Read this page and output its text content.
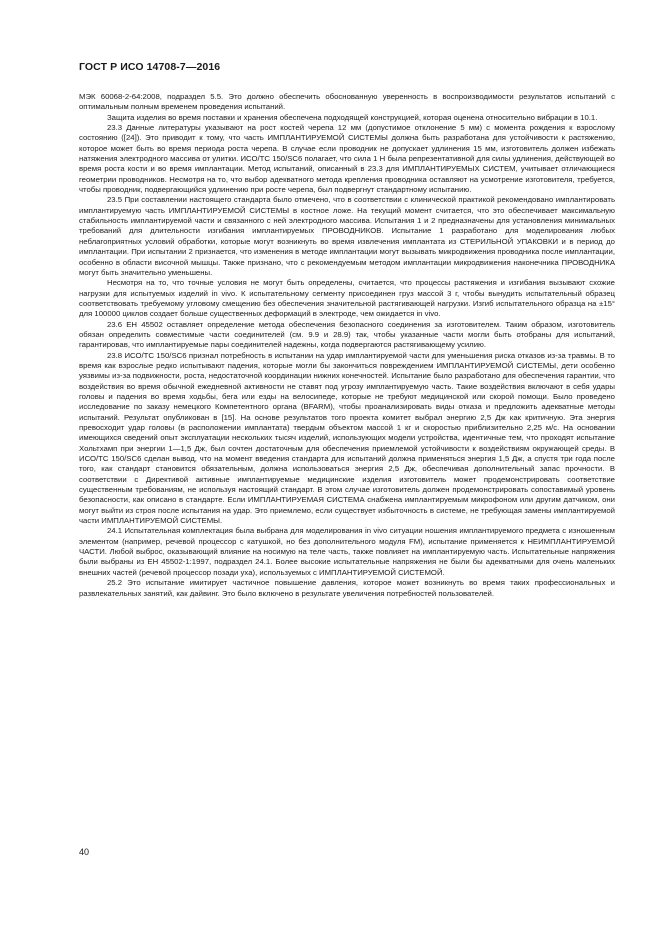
ГОСТ Р ИСО 14708-7—2016

МЭК 60068-2-64:2008, подраздел 5.5. Это должно обеспечить обоснованную уверенность в воспроизводимости результатов испытаний с оптимальным полным временем проведения испытаний.

Защита изделия во время поставки и хранения обеспечена подходящей конструкцией, которая оценена относительно вибрации в 10.1.

23.3 Данные литературы указывают на рост костей черепа 12 мм (допустимое отклонение 5 мм) с момента рождения к взрослому состоянию ([24]). Это приводит к тому, что часть ИМПЛАНТИРУЕМОЙ СИСТЕМЫ должна быть разработана для устойчивости к растяжению, которое может быть во время периода роста черепа. В случае если проводник не допускает удлинения 15 мм, изготовитель должен избежать натяжения электродного массива от улитки. ИСО/ТС 150/SC6 полагает, что сила 1 Н была репрезентативной для силы удлинения, действующей во время роста кости и во время имплантации. Метод испытаний, описанный в 23.3 для ИМПЛАНТИРУЕМЫХ СИСТЕМ, учитывает отличающиеся геометрии проводников. Несмотря на то, что выбор адекватного метода крепления проводника оставляют на усмотрение изготовителя, требуется, чтобы проводник, подвергающийся удлинению при росте черепа, был подвергнут стандартному испытанию.

23.5 При составлении настоящего стандарта было отмечено, что в соответствии с клинической практикой рекомендовано имплантировать имплантируемую часть ИМПЛАНТИРУЕМОЙ СИСТЕМЫ в костное ложе. На текущий момент считается, что это обеспечивает максимальную стабильность имплантируемой части и связанного с ней электродного массива. Испытания 1 и 2 предназначены для установления минимальных требований для длительности изгибания имплантируемых ПРОВОДНИКОВ. Испытание 1 разработано для моделирования любых неблагоприятных условий обработки, которые могут возникнуть во время извлечения имплантата из СТЕРИЛЬНОЙ УПАКОВКИ и в период до имплантации. При испытании 2 признается, что изменения в методе имплантации могут вызывать микродвижения проводника после имплантации, особенно в области височной мышцы. Также признано, что с рекомендуемым методом имплантации микродвижения наконечника ПРОВОДНИКА могут быть значительно уменьшены.

Несмотря на то, что точные условия не могут быть определены, считается, что процессы растяжения и изгибания вызывают схожие нагрузки для испытуемых изделий in vivo. К испытательному сегменту присоединен груз массой 3 г, чтобы вынудить испытательный образец соответствовать требуемому угловому смещению без обеспечения значительной растягивающей нагрузки. Изгиб испытательного образца на ±15° для 100000 циклов создает больше существенных деформаций в электроде, чем ожидается in vivo.

23.6 ЕН 45502 оставляет определение метода обеспечения безопасного соединения за изготовителем. Таким образом, изготовитель обязан определить совместимые части соединителей (см. 9.9 и 28.9) так, чтобы указанные части могли быть отобраны для испытаний, гарантировав, что имплантируемые пары соединителей надежны, когда подвергаются растягивающему усилию.

23.8 ИСО/ТС 150/SC6 признал потребность в испытании на удар имплантируемой части для уменьшения риска отказов из-за травмы. В то время как взрослые редко испытывают падения, которые могли бы закончиться повреждением ИМПЛАНТИРУЕМОЙ СИСТЕМЫ, дети особенно уязвимы из-за подвижности, роста, недостаточной координации нижних конечностей. Испытание было разработано для обеспечения гарантии, что воздействия во время обычной ежедневной активности не ставят под угрозу имплантируемую часть. Такие воздействия включают в себя удары головы и падения во время ходьбы, бега или езды на велосипеде, которые не требуют медицинской или скорой помощи. Было проведено исследование по заказу немецкого Компетентного органа (BFARM), чтобы проанализировать виды отказа и предложить адекватные методы испытаний. Результат опубликован в [15]. На основе результатов того проекта комитет выбрал энергию 2,5 Дж как критичную. Эта энергия превосходит удар головы (в расположении имплантата) твердым объектом массой 1 кг и скоростью приблизительно 2,25 м/с. На основании имеющихся сведений опыт эксплуатации нескольких тысяч изделий, использующих модели устройства, идентичные тем, что проходят испытание Хольтхамп при энергии 1—1,5 Дж, был сочтен достаточным для обеспечения приемлемой устойчивости к воздействиям окружающей среды. В ИСО/ТС 150/SC6 сделан вывод, что на момент введения стандарта для испытаний должна применяться энергия 1,5 Дж, а спустя три года после того, как стандарт становится обязательным, должна использоваться энергия 2,5 Дж, обеспечивая дополнительный запас прочности. В соответствии с Директивой активные имплантируемые медицинские изделия изготовитель может продемонстрировать соответствие существенным требованиям, не используя настоящий стандарт. В этом случае изготовитель должен продемонстрировать сопоставимый уровень безопасности, как описано в стандарте. Если ИМПЛАНТИРУЕМАЯ СИСТЕМА снабжена имплантируемым микрофоном или другим датчиком, они могут выйти из строя после испытания на удар. Это приемлемо, если существует избыточность в системе, не требующая замены имплантируемой части ИМПЛАНТИРУЕМОЙ СИСТЕМЫ.

24.1 Испытательная комплектация была выбрана для моделирования in vivo ситуации ношения имплантируемого предмета с изношенным элементом (например, речевой процессор с катушкой, но без дополнительного модуля FM), испытание применяется к НЕИМПЛАНТИРУЕМОЙ ЧАСТИ. Любой выброс, оказывающий влияние на носимую на теле часть, также повлияет на имплантируемую часть. Испытательные напряжения были выбраны из ЕН 45502-1:1997, подраздел 24.1. Более высокие испытательные напряжения не были бы адекватными для очень маленьких внешних частей (речевой процессор позади уха), используемых с ИМПЛАНТИРУЕМОЙ СИСТЕМОЙ.

25.2 Это испытание имитирует частичное повышение давления, которое может возникнуть во время таких профессиональных и развлекательных занятий, как дайвинг. Это было включено в результате увеличения потребностей пользователей.

40
